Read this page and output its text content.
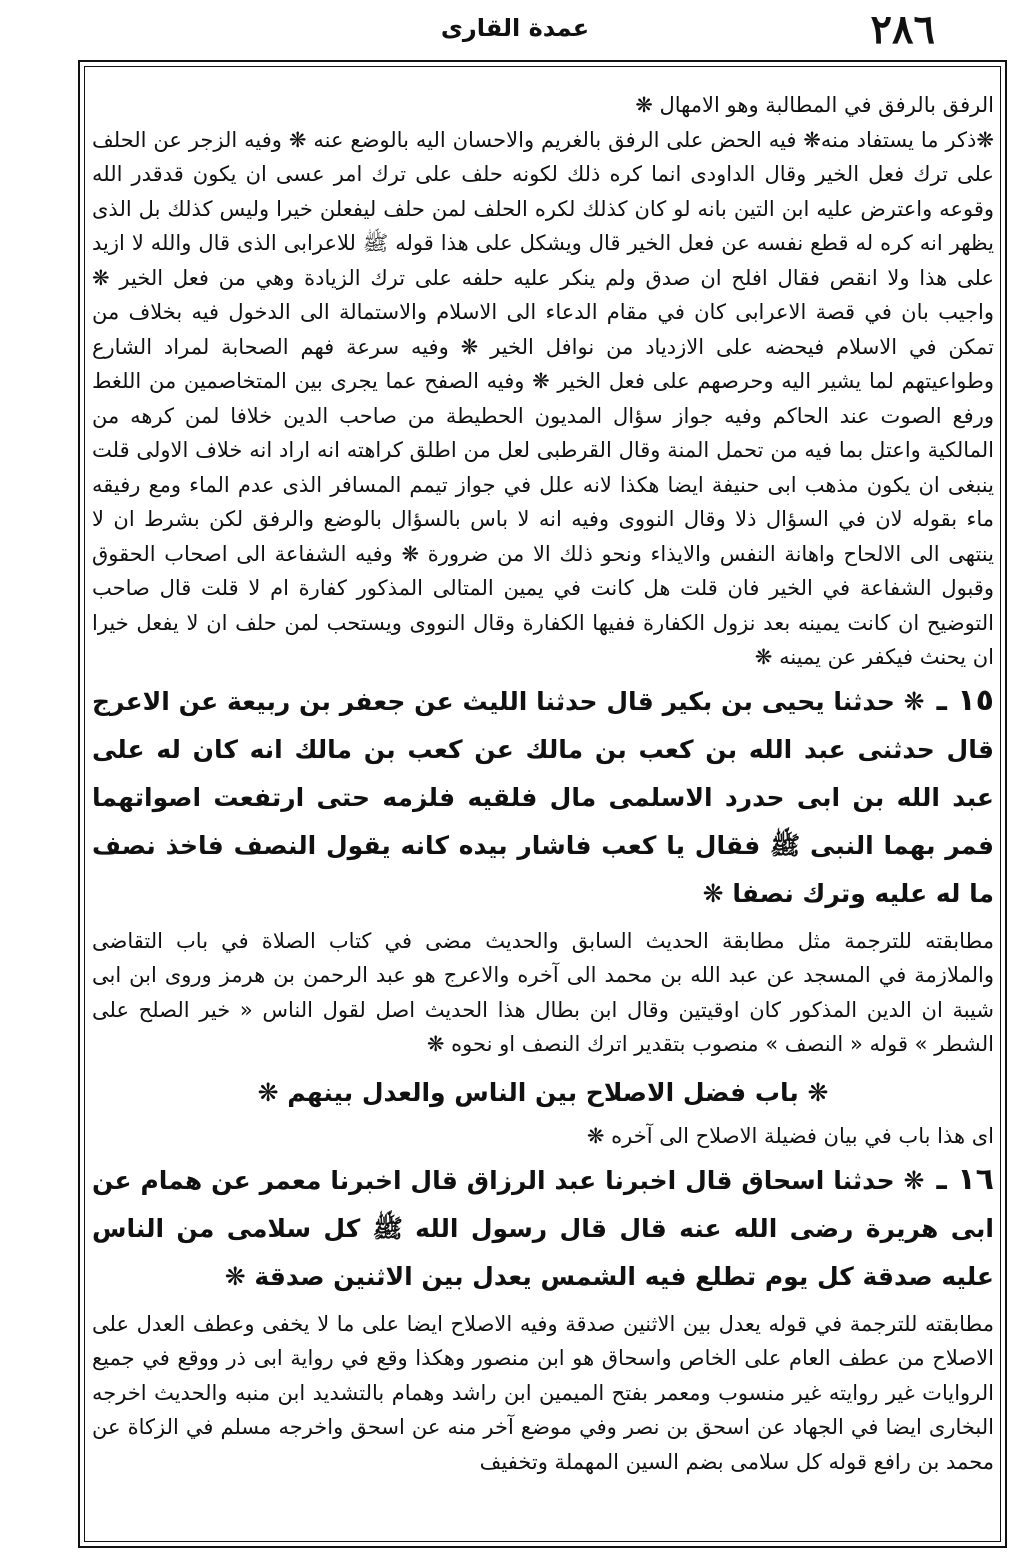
٢٨٦
عمدة القاری

الرفق بالرفق في المطالبة وهو الامهال ❋

❋ذكر ما يستفاد منه❋ فيه الحض على الرفق بالغريم والاحسان اليه بالوضع عنه ❋ وفيه الزجر عن الحلف على ترك فعل الخير وقال الداودى انما كره ذلك لكونه حلف على ترك امر عسى ان يكون قدقدر الله وقوعه واعترض عليه ابن التين بانه لو كان كذلك لكره الحلف لمن حلف ليفعلن خيرا وليس كذلك بل الذى يظهر انه كره له قطع نفسه عن فعل الخير قال ويشكل على هذا قوله ﷺ للاعرابى الذى قال والله لا ازيد على هذا ولا انقص فقال افلح ان صدق ولم ينكر عليه حلفه على ترك الزيادة وهي من فعل الخير ❋ واجيب بان في قصة الاعرابى كان في مقام الدعاء الى الاسلام والاستمالة الى الدخول فيه بخلاف من تمكن في الاسلام فيحضه على الازدياد من نوافل الخير ❋ وفيه سرعة فهم الصحابة لمراد الشارع وطواعيتهم لما يشير اليه وحرصهم على فعل الخير ❋ وفيه الصفح عما يجرى بين المتخاصمين من اللغط ورفع الصوت عند الحاكم وفيه جواز سؤال المديون الحطيطة من صاحب الدين خلافا لمن كرهه من المالكية واعتل بما فيه من تحمل المنة وقال القرطبى لعل من اطلق كراهته انه اراد انه خلاف الاولى قلت ينبغى ان يكون مذهب ابى حنيفة ايضا هكذا لانه علل في جواز تيمم المسافر الذى عدم الماء ومع رفيقه ماء بقوله لان في السؤال ذلا وقال النووى وفيه انه لا باس بالسؤال بالوضع والرفق لكن بشرط ان لا ينتهى الى الالحاح واهانة النفس والايذاء ونحو ذلك الا من ضرورة ❋ وفيه الشفاعة الى اصحاب الحقوق وقبول الشفاعة في الخير فان قلت هل كانت في يمين المتالى المذكور كفارة ام لا قلت قال صاحب التوضيح ان كانت يمينه بعد نزول الكفارة ففيها الكفارة وقال النووى ويستحب لمن حلف ان لا يفعل خيرا ان يحنث فيكفر عن يمينه ❋

١٥ ـ❋ حدثنا يحيى بن بكير قال حدثنا الليث عن جعفر بن ربيعة عن الاعرج قال حدثنى عبد الله بن كعب بن مالك عن كعب بن مالك انه كان له على عبد الله بن ابى حدرد الاسلمى مال فلقيه فلزمه حتى ارتفعت اصواتهما فمر بهما النبى ﷺ فقال يا كعب فاشار بيده كانه يقول النصف فاخذ نصف ما له عليه وترك نصفا ❋

مطابقته للترجمة مثل مطابقة الحديث السابق والحديث مضى في كتاب الصلاة في باب التقاضى والملازمة في المسجد عن عبد الله بن محمد الى آخره والاعرج هو عبد الرحمن بن هرمز وروى ابن ابى شيبة ان الدين المذكور كان اوقيتين وقال ابن بطال هذا الحديث اصل لقول الناس « خير الصلح على الشطر » قوله « النصف » منصوب بتقدير اترك النصف او نحوه ❋

❋ باب فضل الاصلاح بين الناس والعدل بينهم ❋

اى هذا باب في بيان فضيلة الاصلاح الى آخره ❋

١٦ ـ❋ حدثنا اسحاق قال اخبرنا عبد الرزاق قال اخبرنا معمر عن همام عن ابى هريرة رضى الله عنه قال قال رسول الله ﷺ كل سلامى من الناس عليه صدقة كل يوم تطلع فيه الشمس يعدل بين الاثنين صدقة ❋

مطابقته للترجمة في قوله يعدل بين الاثنين صدقة وفيه الاصلاح ايضا على ما لا يخفى وعطف العدل على الاصلاح من عطف العام على الخاص واسحاق هو ابن منصور وهكذا وقع في رواية ابى ذر ووقع في جميع الروايات غير روايته غير منسوب ومعمر بفتح الميمين ابن راشد وهمام بالتشديد ابن منبه والحديث اخرجه البخارى ايضا في الجهاد عن اسحق بن نصر وفي موضع آخر منه عن اسحق واخرجه مسلم في الزكاة عن محمد بن رافع قوله كل سلامى بضم السين المهملة وتخفيف
